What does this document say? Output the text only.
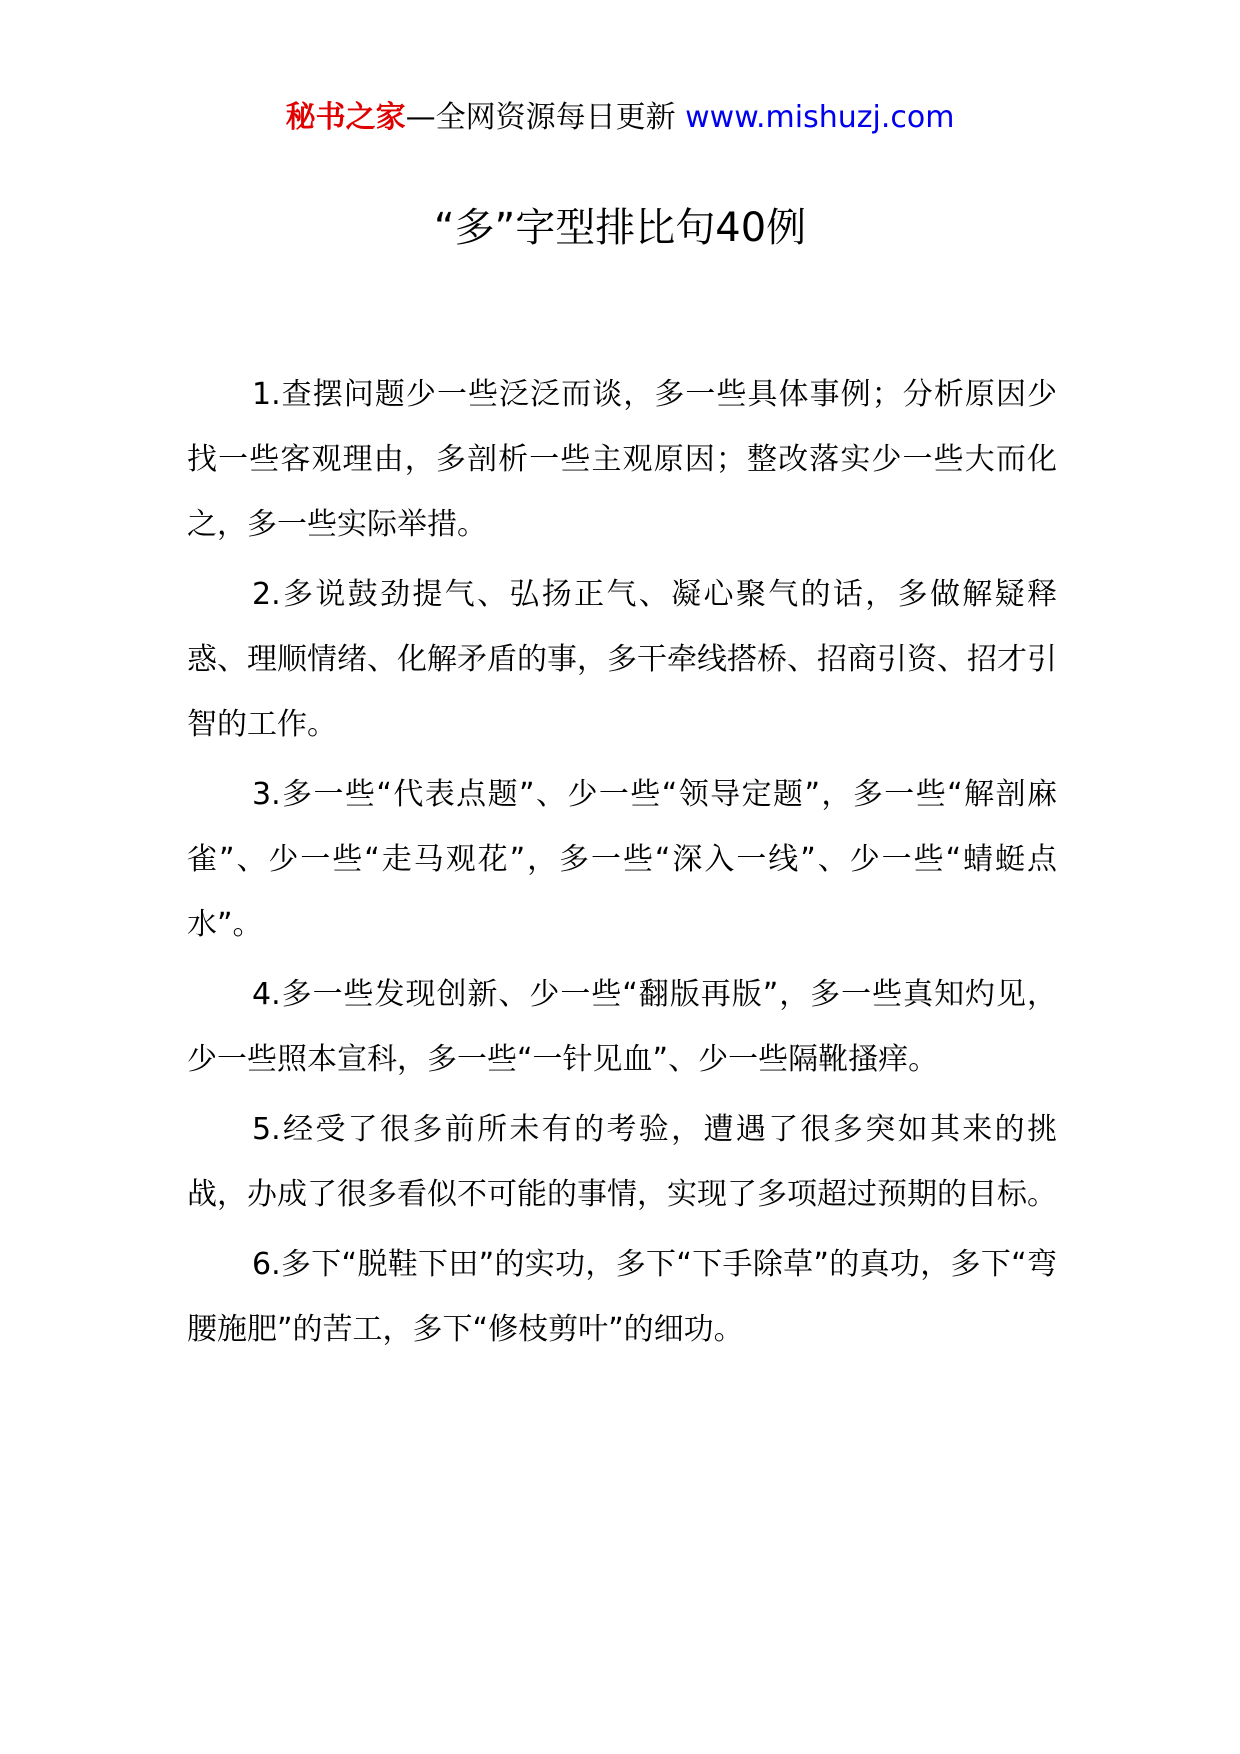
秘书之家—全网资源每日更新 www.mishuzj.com
“多”字型排比句40例

1.查摆问题少一些泛泛而谈，多一些具体事例；分析原因少找一些客观理由，多剖析一些主观原因；整改落实少一些大而化之，多一些实际举措。

2.多说鼓劲提气、弘扬正气、凝心聚气的话，多做解疑释惑、理顺情绪、化解矛盾的事，多干牵线搭桥、招商引资、招才引智的工作。

3.多一些“代表点题”、少一些“领导定题”，多一些“解剖麻雀”、少一些“走马观花”，多一些“深入一线”、少一些“蜻蜓点水”。

4.多一些发现创新、少一些“翻版再版”，多一些真知灼见，少一些照本宣科，多一些“一针见血”、少一些隔靴搔痒。

5.经受了很多前所未有的考验，遭遇了很多突如其来的挑战，办成了很多看似不可能的事情，实现了多项超过预期的目标。

6.多下“脱鞋下田”的实功，多下“下手除草”的真功，多下“弯腰施肥”的苦工，多下“修枝剪叶”的细功。
